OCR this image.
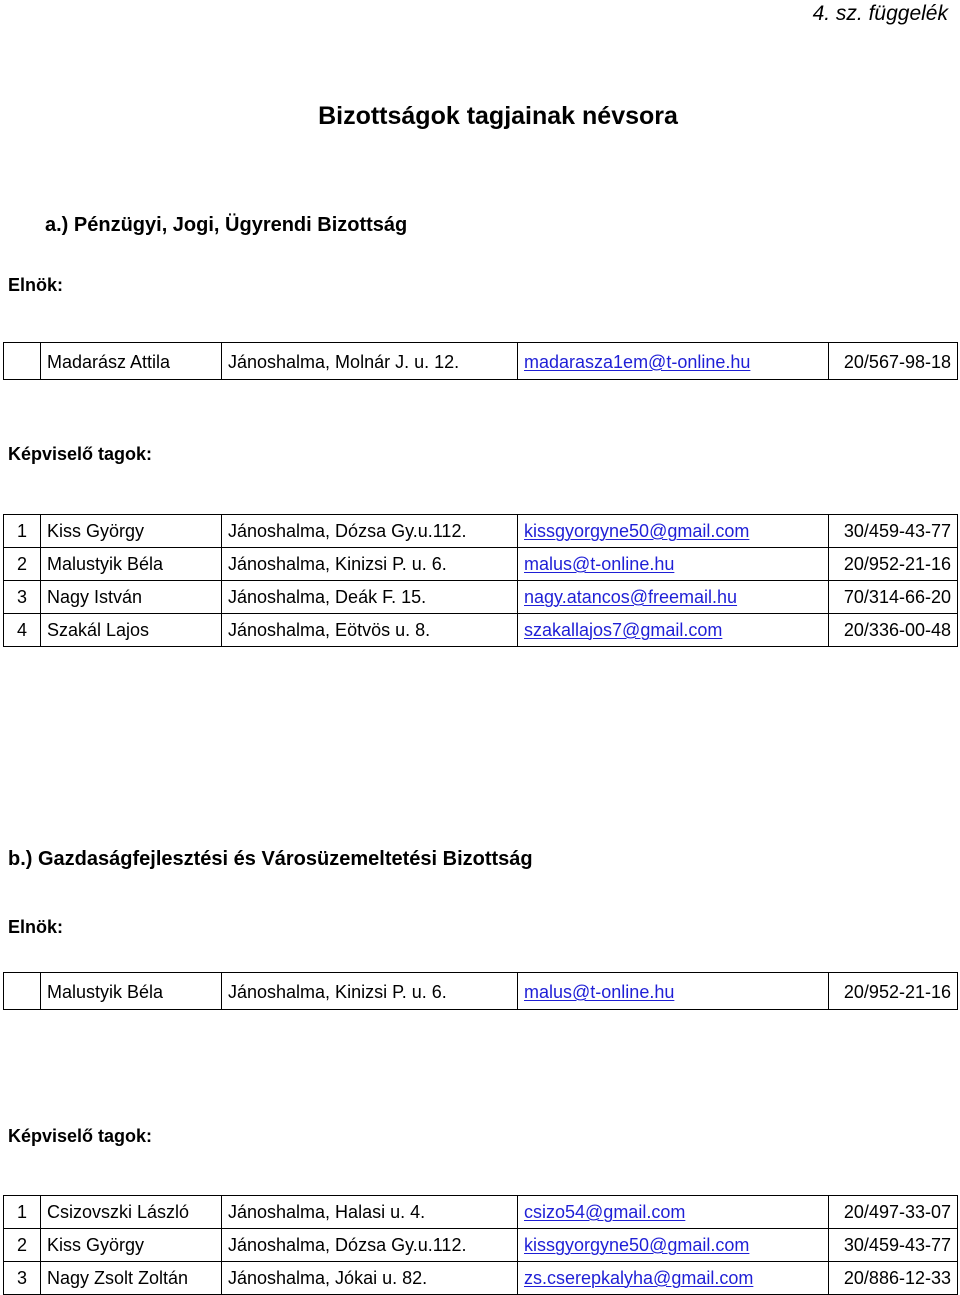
4. sz. függelék
Bizottságok tagjainak névsora
a.) Pénzügyi, Jogi, Ügyrendi Bizottság
Elnök:
	Madarász Attila	Jánoshalma, Molnár J. u. 12.	madarasza1em@t-online.hu	20/567-98-18
Képviselő tagok:
1	Kiss György	Jánoshalma, Dózsa Gy.u.112.	kissgyorgyne50@gmail.com	30/459-43-77
2	Malustyik Béla	Jánoshalma, Kinizsi P. u. 6.	malus@t-online.hu	20/952-21-16
3	Nagy István	Jánoshalma, Deák F. 15.	nagy.atancos@freemail.hu	70/314-66-20
4	Szakál Lajos	Jánoshalma, Eötvös u. 8.	szakallajos7@gmail.com	20/336-00-48
b.) Gazdaságfejlesztési és Városüzemeltetési Bizottság
Elnök:
	Malustyik Béla	Jánoshalma, Kinizsi P. u. 6.	malus@t-online.hu	20/952-21-16
Képviselő tagok:
1	Csizovszki László	Jánoshalma, Halasi u. 4.	csizo54@gmail.com	20/497-33-07
2	Kiss György	Jánoshalma, Dózsa Gy.u.112.	kissgyorgyne50@gmail.com	30/459-43-77
3	Nagy Zsolt Zoltán	Jánoshalma, Jókai u. 82.	zs.cserepkalyha@gmail.com	20/886-12-33
